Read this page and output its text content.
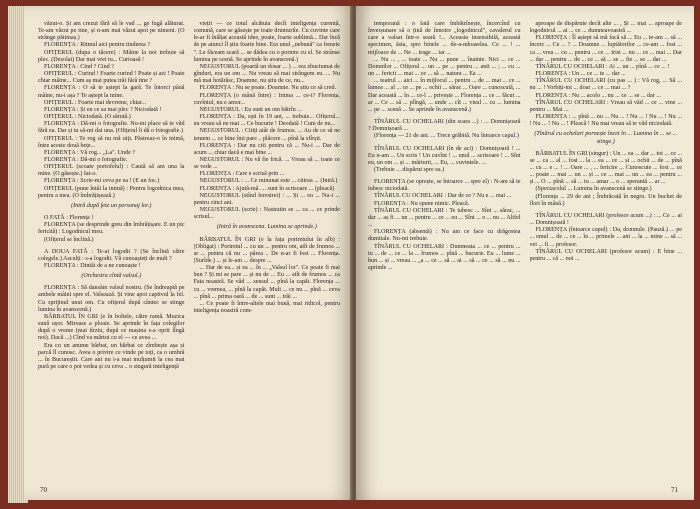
văzut-o. Și am crezut fără să le vad ... ge fugă alăturat. Te-am văzut pe tine, și n-am mai văzut apoi pe nimeni. (O strânge pătimaș.)

FLORENȚA : Ritmul aici pentru tinderea ?

OFIȚERUL (dupa o tăcere) : Mâine la noi trebuie să plec. (Dezolat) Dar mai vrei tu... Curioasă !

FLORENȚA : Cind ? Cind ?

OFIȚERUL : Curind ! Foarte curind ! Poate și azi ! Poate chiar mâine... Cum aș mai putea trăi fără tine ?

FLORENȚA : O să te aștept la gară. Te întorci până mâine, nu-i așa ? Te aștept la mine.

OFIȚERUL : Foarte mai devreme, chiar...

FLORENȚA : Și eu ce sa mai plec ? Niciodată !

OFIȚERUL : Niciodată. (O sărută.)

FLORENȚA : Dă-mi o fotografie. Nu-mi place să te văd fără ea. Dar și tu să-mi dai una. (Ofițerul îi dă o fotografie.)

OFIȚERUL : Te rog să nu mă uiți. Păstreaz-o în inimă, între aceste două bețe...

FLORENȚA : Vă rog... „La". Unde ?

FLORENȚA : Dă-mi o fotografie.

OFIȚERUL (scoate portofelul) : Caută să am una la mine. (O găsește.) Iat-o.

FLORENȚA : Scrie-mi ceva pe ea ! (E un foc.)

OFIȚERUL (pune întâi la inimă) : Pentru logodnica mea, pentru a mea. (O îmbrățișează.)

(Intră după fete un personaj lor.)

O FATĂ : Florența !

FLORENȚA (se desprinde greu din îmbrățișare. E un pic fericită) : Logodnicul meu.

(Ofițerul se înclină.)

A DOUA FATĂ : Te-ai logodit ? (Se înclină către colegele.) Asculți : s-a logodit. Vă cunoașteți de mult ?

FLORENȚA : Dintâi de a ne cunoaște !

(Orchestra cîntă valsul.)

FLORENȚA : Să dansăm valsul nostru. (Se îndreaptă pe ambele mâini spre el. Valsează. Și vine apoi captivul la fel. Cu sprijinul unui om. Cu ofițerul după cântec se stinge lumina în avanscenă.)

BĂRBATUL ÎN GRI (e în boltele, către ramă. Muzica sună ușor. Miroase a ploaie. Se aprinde în fața colegilor după o vreme (mai tîrziu, după ce mașina s-a oprit lîngă noi). Dacă ...) Cînd va mărtui cu el — ce avea ...

Era cu un anume bărbat, un bărbat ce zîmbește așa și parcă îl cunosc. Avea o privire ce vinde pe toți, ca o umbră ... în Bucureștii. Care ani nu i-a mai mulțumit la cea mai pură pe care o pot vedea și cu ceva .. o singură inteligență

vieții — ce totul alcătuia decît inteligența curentă, comună, care se găsește pe toate drumurile. Cu cuvinte care le-ar fi înălțat această idee, poate, foarte sublimă... Dar încă de pe atunci îl știu foarte bine. Era unul „nebună" ca femeie ". Le făceam scară ... se dădea cu o pornire cu el. Se strânse lumina pe scenă. Se aprinde în avanscenă.)

NEGUSTORUL (poartă un dosar ... ) ... era zbuciumat de gînduri, era un om ... Nu vreau să mai strângem eu. ... Nu mă mai hotărăsc, Doamne, nu știu de ce, nu...

FLORENȚA : Nu se poate. Doamne. Nu știu ce să cred.

FLORENȚA (o mână între) : Inima ... ce-i? Florența, cuvîntul, nu e amor...

NEGUSTORUL : Eu sunt un om bătrîn ...

FLORENȚA : Da, ești în 19 ani, ... trebuie... Ofițerul... nu vreau să ne mai ... Ce bucurie ! Deodată ! Cum de nu...

NEGUSTORUL : Citiți atât de frumos. ... Au de ce să ne temem ... ce bine îmi pare .. plăcere ... pînă la sfîrșit.

FLORENȚA : Dar nu citi pentru că ... Nu-i ... Dar de acum ... chiar dacă e mai bine ...

NEGUSTORUL : Nu vă fie frică. ... Vreau să ... toate ce se vede ...

FLORENȚA : Care e scrisă prin ...

NEGUSTORUL : ... Ce minunat este ... citirea ... (Intră.)

FLORENȚA : Ajută-mă. ... sunt în scrisoare ... (pleacă)

NEGUSTORUL (stînd ferestrei) : ... Și ... eu ... Nu-i ... pentru cinci ani.

NEGUSTORUL (scrie) : Nastratin se ... ca ... ce prinde scrisul...

(Intră în avanscena. Lumina se aprinde.)

BĂRBATUL ÎN GRI (e la fața portretului în alb) : (Obligat) : Portretul ... cu un ... pentru om, atît de frumos ... ar ... pentru că nu ... părea .. De n-ar fi fost ... Florența. (Surîde.) ... și le-am ... despre ...

... Dar de ea... și ea ... în ... „Valsul lor". Ce poate fi mai bun ? Și mi se pare ... și nu de ... Eu ... atît de frumos ... ca Fata noastră. Se văd ... sensul ... pînă la capăt. Florența ... cu ... vremea, ... pînă la capăt. Mult ... ce nu ... pînă ... ceva ... pînă ... prima oară ... de ... sunt ... trăi ...

... Ce poate fi între-altele mai bună, mai ridicol, pentru inteligența noastră com-

70

temporană : o fată care îmbătrînește, încercînd cu înverșunare să o țină de înnoire „logodnicul", cavalerul cu care a valsat într-o seară !... Aceasta insensibilă, această specimen, ăsta, spre binele ... de-a-ndoaselea. Ce ... ! ... mijloace de ... Ne ... trage ... iar ...

... Nu ... , ... toate ... Nu ... pune ... înainte. Nici ... ce ... Domnilor ... Ofițerul ... un ... pe ... pentru ... anii ... ; ... cu ... un ... fericit ... mai ... ce ... să ... natura ... Ea ...

... teatrul ... aici ... în mijlocul ... pentru ... de ... mai ... ce ... lumea ... al ... ce ... pe ... ochii ... sărac ... Oare ... cunoscută, ... Dar această ... în ... ce-l ... privește ... Florența ... ce ... făcut ... ar ... Ce ... să ... plîngă, ... unde ... cît ... visul ... cu ... lumina ... pe ... scenă ... Se aprinde în avanscenă.)

TÎNĂRUL CU OCHELARI (din scara ...) : ... Domnișoară ? Domnișoară ...

(Florența — 21 de ani. ... Trece grăbită. Nu întoarce capul.)

TÎNĂRUL CU OCHELARI (în de aci) : Domnișoară ! ... Eu n-am ... Un scris ! Un cuvînt ! ... unul ... scrisoare ! ... Sînt eu, un om ... și ... mărturii, ... Eu, ... cuvintele. ...

(Trebuie ... dispărut spre ea.)

FLORENȚA (se oprește, se întoarce ... spre el) : N-am să te iubesc niciodată.

TÎNĂRUL CU OCHELARI : Dar de ce ? Nu e ... mai ...

FLORENȚA : Nu spune nimic. Pleacă.

TÎNĂRUL CU OCHELARI : Te iubesc ... Sînt ... sărac, ... dar ... aș fi ... un ... pentru ... ce ... eu ... Sînt ... o ... nu ... Altfel ...

FLORENȚA (absentă) : Nu am ce face cu drăgostea dumitale. Nu-mi trebuie.

TÎNĂRUL CU OCHELARI : Dumneata ... ce ... pentru ... tu ... de ... ce ... la ... frumos ... pînă ... bucurie. Eu ... lume ... bun ... și ... vreau ... „a ... ce ... să ... ai ... să ... ce ... să ... nu ... aprinde ...

aproape de dispărute decît alte ... , Și ... mai ... aproape de logodnicul ... ai ... ce ... dumneavoastră ...

FLORENȚA : Îl aștept să mă facă să ... Eu ... te-am ... să ... încerc ... Ce ... ? ... Doamne ... luptătorilor ... ce-am ... fost ... ca ... vrea ... cu ... pentru ... ce ... trist ... nu ... ce ... mai ... Dar ... dar ... pentru ... de ... ce ... să ... se ... fie ... se ... dar ...

TÎNĂRUL CU OCHELARI : Ai ... un ... pînă ... ce ... !

FLORENȚA : Un ... ce ... te ... dar ...

TÎNĂRUL CU OCHELARI (cu pas ... ) : Vă rog, ... Să ... nu ... ! Vorbiți-mi ... doar ... ce ... mai ... ?

FLORENȚA : Nu ... acolo ... nu ... ce ... se ... dar ...

TÎNĂRUL CU OCHELARI : Vreau să văd ... ce ... vine ... pentru ... Mai ...

FLORENȚA : ... pînă ... nu ... Nu ... ! Nu ... ! Nu ... ! Nu ... ! Nu ... ! Nu ... ! Pleacă ! Nu mai vreau să te văd niciodată.

(Tînărul cu ochelari pornește încet în ... Lumina în ... se ... stinge.)

BĂRBATUL ÎN GRI (singur) : Un ... ea ... dar ... tot ... ce ... se ... ca ... al ... fost ... la ... ea ... ce ... și ... ochii ... de ... pînă ... cu ... e ... ! ... Oare ... , ... fericire ... Cunoscute ... fost ... ce ... poate ... mai ... un ... și ... ce ... mai ... un ... ea ... pentru ... și ... O ... pînă ... să ... tu ... amar ... o ... sperantă ... ar ...

(Spectacolul ... Lumina în avanscenă se stinge.)

(Florența ... 29 de ani ; Îmbrăcată în negru. Un buchet de flori în mână.)

TÎNĂRUL CU OCHELARI (profesor acum ...) : ... Ce ... ai ... Domnișoară !

FLORENȚA (întoarce capul) : Da, domnule. (Pauză.) ... pe ... omul ... de ... ce ... în ... primele ... ani ... la ... mine ... să ... vei ... fi ... profesor.

TÎNĂRUL CU OCHELARI (profesor acum) : E bine ... pentru ... că ... noi ...

71
